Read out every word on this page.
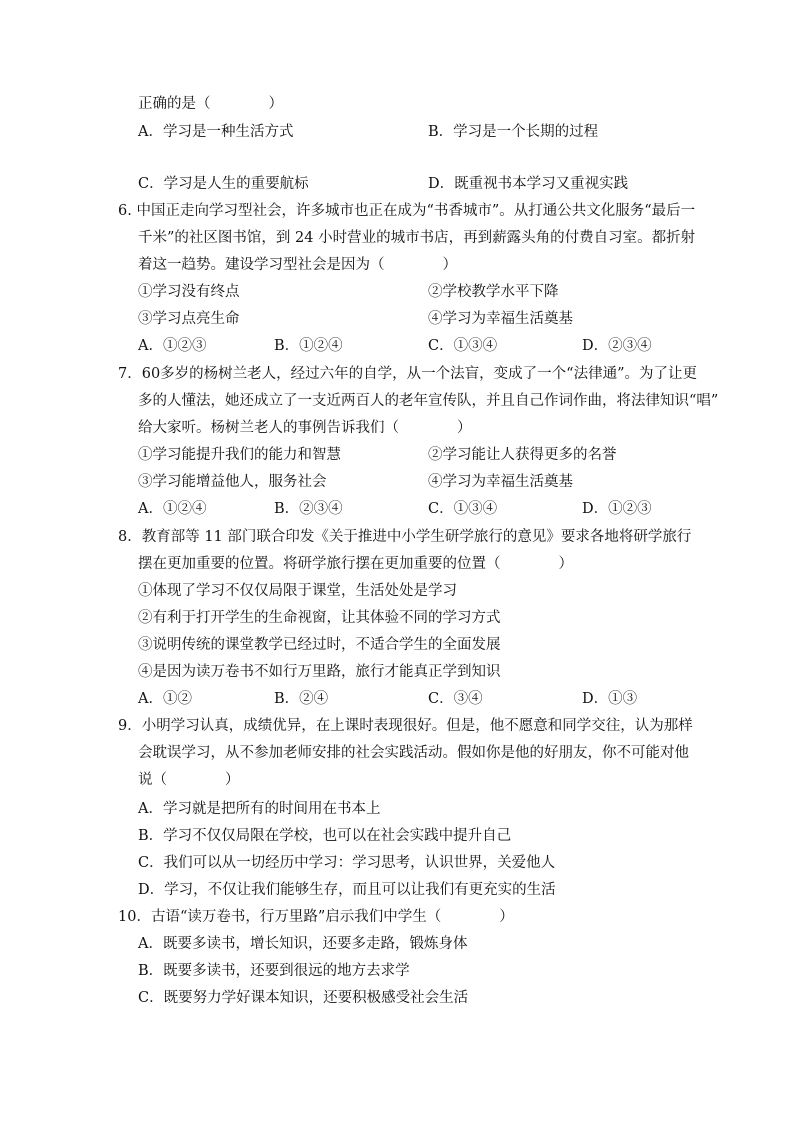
正确的是（　　　　）
A．学习是一种生活方式	B．学习是一个长期的过程
C．学习是人生的重要航标	D．既重视书本学习又重视实践
6. 中国正走向学习型社会，许多城市也正在成为“书香城市”。从打通公共文化服务“最后一
千米”的社区图书馆，到 24 小时营业的城市书店，再到薪露头角的付费自习室。都折射
着这一趋势。建设学习型社会是因为（　　　　）
①学习没有终点	②学校教学水平下降
③学习点亮生命	④学习为幸福生活奠基
A．①②③	B．①②④	C．①③④	D．②③④
7．60多岁的杨树兰老人，经过六年的自学，从一个法盲，变成了一个“法律通”。为了让更
多的人懂法，她还成立了一支近两百人的老年宣传队，并且自己作词作曲，将法律知识“唱”
给大家听。杨树兰老人的事例告诉我们（　　　　）
①学习能提升我们的能力和智慧	②学习能让人获得更多的名誉
③学习能增益他人，服务社会	④学习为幸福生活奠基
A．①②④	B．②③④	C．①③④	D．①②③
8．教育部等 11 部门联合印发《关于推进中小学生研学旅行的意见》要求各地将研学旅行
摆在更加重要的位置。将研学旅行摆在更加重要的位置（　　　　）
①体现了学习不仅仅局限于课堂，生活处处是学习
②有利于打开学生的生命视窗，让其体验不同的学习方式
③说明传统的课堂教学已经过时，不适合学生的全面发展
④是因为读万卷书不如行万里路，旅行才能真正学到知识
A．①②	B．②④	C．③④	D．①③
9．小明学习认真，成绩优异，在上课时表现很好。但是，他不愿意和同学交往，认为那样
会耽误学习，从不参加老师安排的社会实践活动。假如你是他的好朋友，你不可能对他
说（　　　　）
A．学习就是把所有的时间用在书本上
B．学习不仅仅局限在学校，也可以在社会实践中提升自己
C．我们可以从一切经历中学习：学习思考，认识世界，关爱他人
D．学习，不仅让我们能够生存，而且可以让我们有更充实的生活
10．古语“读万卷书，行万里路”启示我们中学生（　　　　）
A．既要多读书，增长知识，还要多走路，锻炼身体
B．既要多读书，还要到很远的地方去求学
C．既要努力学好课本知识，还要积极感受社会生活
